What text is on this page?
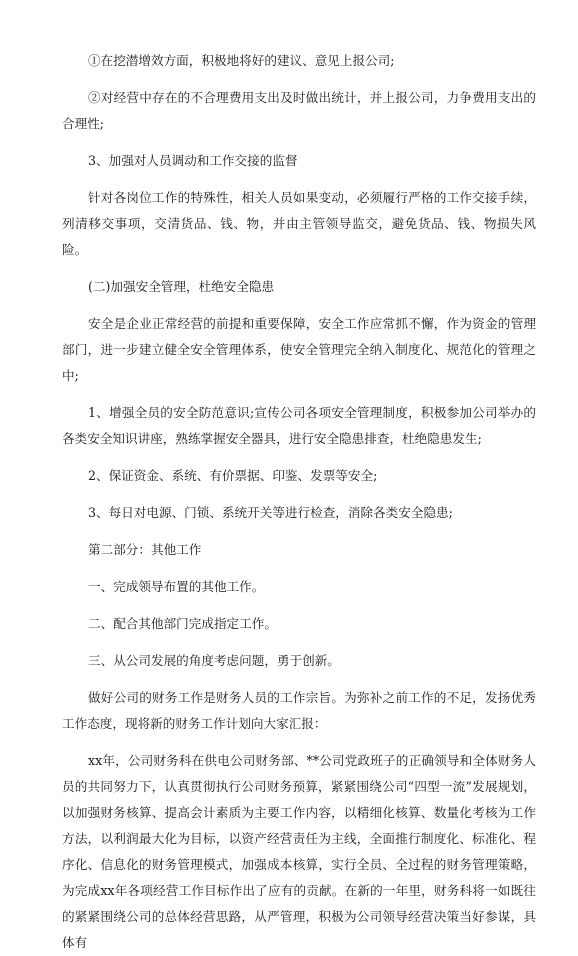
①在挖潜增效方面，积极地将好的建议、意见上报公司;

②对经营中存在的不合理费用支出及时做出统计，并上报公司，力争费用支出的合理性;

3、加强对人员调动和工作交接的监督

针对各岗位工作的特殊性，相关人员如果变动，必须履行严格的工作交接手续，列清移交事项，交清货品、钱、物，并由主管领导监交，避免货品、钱、物损失风险。

(二)加强安全管理，杜绝安全隐患

安全是企业正常经营的前提和重要保障，安全工作应常抓不懈，作为资金的管理部门，进一步建立健全安全管理体系，使安全管理完全纳入制度化、规范化的管理之中;

1、增强全员的安全防范意识;宣传公司各项安全管理制度，积极参加公司举办的各类安全知识讲座，熟练掌握安全器具，进行安全隐患排查，杜绝隐患发生;

2、保证资金、系统、有价票据、印鉴、发票等安全;

3、每日对电源、门锁、系统开关等进行检查，消除各类安全隐患;

第二部分：其他工作

一、完成领导布置的其他工作。

二、配合其他部门完成指定工作。

三、从公司发展的角度考虑问题，勇于创新。

做好公司的财务工作是财务人员的工作宗旨。为弥补之前工作的不足，发扬优秀工作态度，现将新的财务工作计划向大家汇报：

xx年，公司财务科在供电公司财务部、**公司党政班子的正确领导和全体财务人员的共同努力下，认真贯彻执行公司财务预算，紧紧围绕公司“四型一流”发展规划，以加强财务核算、提高会计素质为主要工作内容，以精细化核算、数量化考核为工作方法，以利润最大化为目标，以资产经营责任为主线，全面推行制度化、标准化、程序化、信息化的财务管理模式，加强成本核算，实行全员、全过程的财务管理策略，为完成xx年各项经营工作目标作出了应有的贡献。在新的一年里，财务科将一如既往的紧紧围绕公司的总体经营思路，从严管理，积极为公司领导经营决策当好参谋，具体有
